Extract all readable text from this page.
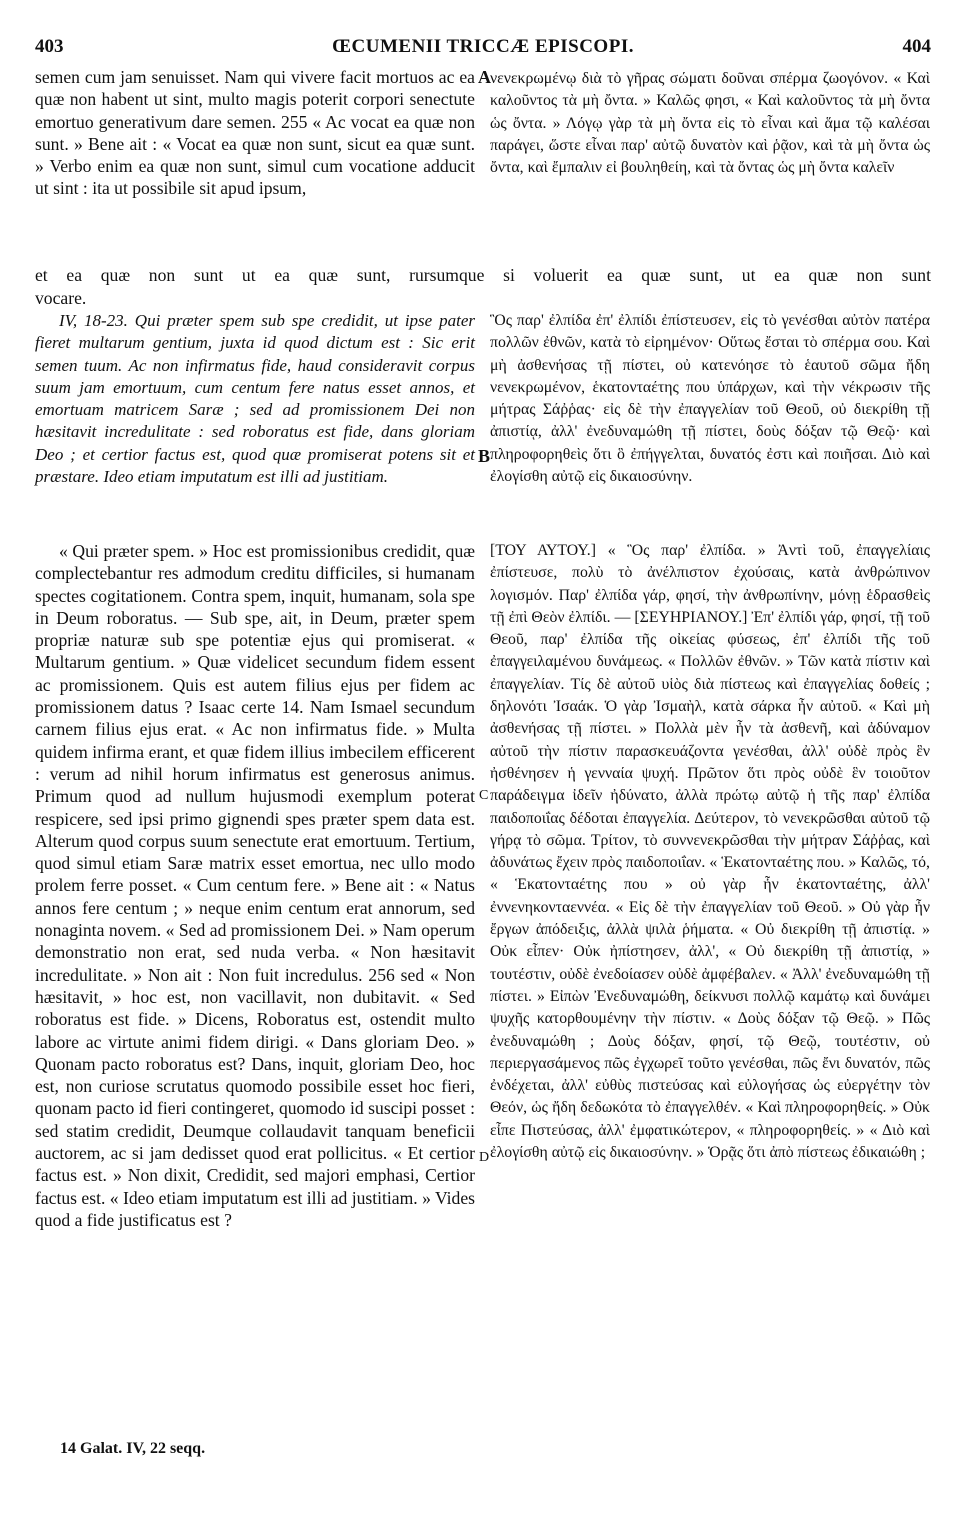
403	ŒCUMENII TRICCÆ EPISCOPI.	404

semen cum jam senuisset. Nam qui vivere facit mortuos ac ea quæ non habent ut sint, multo magis poterit corpori senectute emortuo generativum dare semen. 255 « Ac vocat ea quæ non sunt. » Bene ait : « Vocat ea quæ non sunt, sicut ea quæ sunt. » Verbo enim ea quæ non sunt, simul cum vocatione adducit ut sint : ita ut possibile sit apud ipsum,

A νενεκρωμένῳ διὰ τὸ γῆρας σώματι δοῦναι σπέρμα ζωογόνον. « Καὶ καλοῦντος τὰ μὴ ὄντα. » Καλῶς φησι, « Καὶ καλοῦντος τὰ μὴ ὄντα ὡς ὄντα. » Λόγῳ γὰρ τὰ μὴ ὄντα εἰς τὸ εἶναι καὶ ἅμα τῷ καλέσαι παράγει, ὥστε εἶναι παρ' αὐτῷ δυνατὸν καὶ ῥᾷον, καὶ τὰ μὴ ὄντα ὡς ὄντα, καὶ ἔμπαλιν εἰ βουληθείη, καὶ τὰ ὄντας ὡς μὴ ὄντα καλεῖν

et ea quæ non sunt ut ea quæ sunt, rursumque si voluerit ea quæ sunt, ut ea quæ non sunt
vocare.

IV, 18-23. Qui præter spem sub spe credidit, ut ipse pater fieret multarum gentium, juxta id quod dictum est : Sic erit semen tuum. Ac non infirmatus fide, haud consideravit corpus suum jam emortuum, cum centum fere natus esset annos, et emortuam matricem Saræ ; sed ad promissionem Dei non hæsitavit incredulitate : sed roboratus est fide, dans gloriam Deo ; et certior factus est, quod quæ promiserat potens sit et præstare. Ideo etiam imputatum est illi ad justitiam.

B

Ὃς παρ' ἐλπίδα ἐπ' ἐλπίδι ἐπίστευσεν, εἰς τὸ γενέσθαι αὐτὸν πατέρα πολλῶν ἐθνῶν, κατὰ τὸ εἰρημένον· Οὕτως ἔσται τὸ σπέρμα σου. Καὶ μὴ ἀσθενήσας τῇ πίστει, οὐ κατενόησε τὸ ἑαυτοῦ σῶμα ἤδη νενεκρωμένον, ἑκατονταέτης που ὑπάρχων, καὶ τὴν νέκρωσιν τῆς μήτρας Σάῤῥας· εἰς δὲ τὴν ἐπαγγελίαν τοῦ Θεοῦ, οὐ διεκρίθη τῇ ἀπιστίᾳ, ἀλλ' ἐνεδυναμώθη τῇ πίστει, δοὺς δόξαν τῷ Θεῷ· καὶ πληροφορηθεὶς ὅτι ὃ ἐπήγγελται, δυνατός ἐστι καὶ ποιῆσαι. Διὸ καὶ ἐλογίσθη αὐτῷ εἰς δικαιοσύνην.

« Qui præter spem. » Hoc est promissionibus credidit, quæ complectebantur res admodum creditu difficiles, si humanam spectes cogitationem. Contra spem, inquit, humanam, sola spe in Deum roboratus. — Sub spe, ait, in Deum, præter spem propriæ naturæ sub spe potentiæ ejus qui promiserat. « Multarum gentium. » Quæ videlicet secundum fidem essent ac promissionem. Quis est autem filius ejus per fidem ac promissionem datus ? Isaac certe 14. Nam Ismael secundum carnem filius ejus erat. « Ac non infirmatus fide. » Multa quidem infirma erant, et quæ fidem illius imbecilem efficerent : verum ad nihil horum infirmatus est generosus animus. Primum quod ad nullum hujusmodi exemplum poterat respicere, sed ipsi primo gignendi spes præter spem data est. Alterum quod corpus suum senectute erat emortuum. Tertium, quod simul etiam Saræ matrix esset emortua, nec ullo modo prolem ferre posset. « Cum centum fere. » Bene ait : « Natus annos fere centum ; » neque enim centum erat annorum, sed nonaginta novem. « Sed ad promissionem Dei. » Nam operum demonstratio non erat, sed nuda verba. « Non hæsitavit incredulitate. » Non ait : Non fuit incredulus. 256 sed « Non hæsitavit, » hoc est, non vacillavit, non dubitavit. « Sed roboratus est fide. » Dicens, Roboratus est, ostendit multo labore ac virtute animi fidem dirigi. « Dans gloriam Deo. » Quonam pacto roboratus est? Dans, inquit, gloriam Deo, hoc est, non curiose scrutatus quomodo possibile esset hoc fieri, quonam pacto id fieri contingeret, quomodo id suscipi posset : sed statim credidit, Deumque collaudavit tanquam beneficii auctorem, ac si jam dedisset quod erat pollicitus. « Et certior factus est. » Non dixit, Credidit, sed majori emphasi, Certior factus est. « Ideo etiam imputatum est illi ad justitiam. » Vides quod a fide justificatus est ?

C
D

[ΤΟΥ ΑΥΤΟΥ.] « Ὃς παρ' ἐλπίδα. » Ἀντὶ τοῦ, ἐπαγγελίαις ἐπίστευσε, πολὺ τὸ ἀνέλπιστον ἐχούσαις, κατὰ ἀνθρώπινον λογισμόν. Παρ' ἐλπίδα γάρ, φησί, τὴν ἀνθρωπίνην, μόνῃ ἑδρασθεὶς τῇ ἐπὶ Θεὸν ἐλπίδι. — [ΣΕΥΗΡΙΑΝΟΥ.] Ἐπ' ἐλπίδι γάρ, φησί, τῇ τοῦ Θεοῦ, παρ' ἐλπίδα τῆς οἰκείας φύσεως, ἐπ' ἐλπίδι τῆς τοῦ ἐπαγγειλαμένου δυνάμεως. « Πολλῶν ἐθνῶν. » Τῶν κατὰ πίστιν καὶ ἐπαγγελίαν. Τίς δὲ αὐτοῦ υἱὸς διὰ πίστεως καὶ ἐπαγγελίας δοθείς ; δηλονότι Ἰσαάκ. Ὁ γὰρ Ἰσμαὴλ, κατὰ σάρκα ἦν αὐτοῦ. « Καὶ μὴ ἀσθενήσας τῇ πίστει. » Πολλὰ μὲν ἦν τὰ ἀσθενῆ, καὶ ἀδύναμον αὐτοῦ τὴν πίστιν παρασκευάζοντα γενέσθαι, ἀλλ' οὐδὲ πρὸς ἓν ἠσθένησεν ἡ γενναία ψυχή. Πρῶτον ὅτι πρὸς οὐδὲ ἓν τοιοῦτον παράδειγμα ἰδεῖν ἠδύνατο, ἀλλὰ πρώτῳ αὐτῷ ἡ τῆς παρ' ἐλπίδα παιδοποιΐας δέδοται ἐπαγγελία. Δεύτερον, τὸ νενεκρῶσθαι αὐτοῦ τῷ γήρᾳ τὸ σῶμα. Τρίτον, τὸ συννενεκρῶσθαι τὴν μήτραν Σάῤῥας, καὶ ἀδυνάτως ἔχειν πρὸς παιδοποιΐαν. « Ἑκατονταέτης που. » Καλῶς, τό, « Ἑκατονταέτης που » οὐ γὰρ ἦν ἑκατονταέτης, ἀλλ' ἐννενηκονταεννέα. « Εἰς δὲ τὴν ἐπαγγελίαν τοῦ Θεοῦ. » Οὐ γὰρ ἦν ἔργων ἀπόδειξις, ἀλλὰ ψιλὰ ῥήματα. « Οὐ διεκρίθη τῇ ἀπιστίᾳ. » Οὐκ εἶπεν· Οὐκ ἠπίστησεν, ἀλλ', « Οὐ διεκρίθη τῇ ἀπιστίᾳ, » τουτέστιν, οὐδὲ ἐνεδοίασεν οὐδὲ ἀμφέβαλεν. « Ἀλλ' ἐνεδυναμώθη τῇ πίστει. » Εἰπὼν Ἐνεδυναμώθη, δείκνυσι πολλῷ καμάτῳ καὶ δυνάμει ψυχῆς κατορθουμένην τὴν πίστιν. « Δοὺς δόξαν τῷ Θεῷ. » Πῶς ἐνεδυναμώθη ; Δοὺς δόξαν, φησί, τῷ Θεῷ, τουτέστιν, οὐ περιεργασάμενος πῶς ἐγχωρεῖ τοῦτο γενέσθαι, πῶς ἔνι δυνατόν, πῶς ἐνδέχεται, ἀλλ' εὐθὺς πιστεύσας καὶ εὐλογήσας ὡς εὐεργέτην τὸν Θεόν, ὡς ἤδη δεδωκότα τὸ ἐπαγγελθέν. « Καὶ πληροφορηθείς. » Οὐκ εἶπε Πιστεύσας, ἀλλ' ἐμφατικώτερον, « πληροφορηθείς. » « Διὸ καὶ ἐλογίσθη αὐτῷ εἰς δικαιοσύνην. » Ὁρᾷς ὅτι ἀπὸ πίστεως ἐδικαιώθη ;

14 Galat. IV, 22 seqq.
